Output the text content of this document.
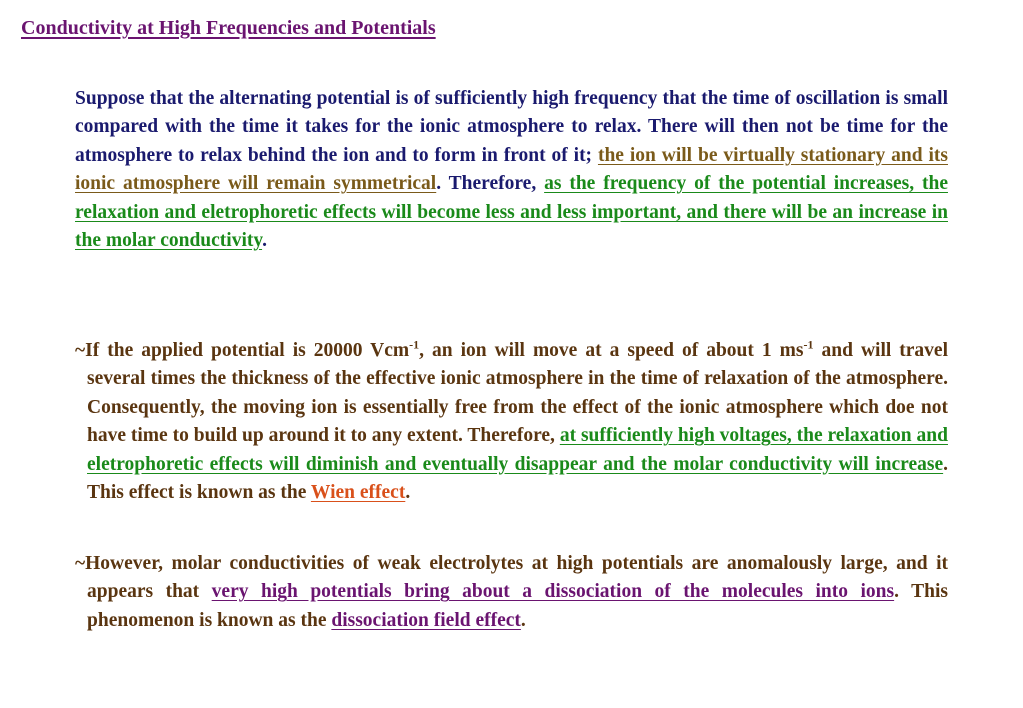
Conductivity at High Frequencies and Potentials

Suppose that the alternating potential is of sufficiently high frequency that the time of oscillation is small compared with the time it takes for the ionic atmosphere to relax. There will then not be time for the atmosphere to relax behind the ion and to form in front of it; the ion will be virtually stationary and its ionic atmosphere will remain symmetrical. Therefore, as the frequency of the potential increases, the relaxation and eletrophoretic effects will become less and less important, and there will be an increase in the molar conductivity.

~If the applied potential is 20000 Vcm$^{-1}$, an ion will move at a speed of about 1 $ms^{-1}$ and will travel several times the thickness of the effective ionic atmosphere in the time of relaxation of the atmosphere. Consequently, the moving ion is essentially free from the effect of the ionic atmosphere which doe not have time to build up around it to any extent. Therefore, at sufficiently high voltages, the relaxation and eletrophoretic effects will diminish and eventually disappear and the molar conductivity will increase. This effect is known as the Wien effect.

~However, molar conductivities of weak electrolytes at high potentials are anomalously large, and it appears that very high potentials bring about a dissociation of the molecules into ions. This phenomenon is known as the dissociation field effect.
